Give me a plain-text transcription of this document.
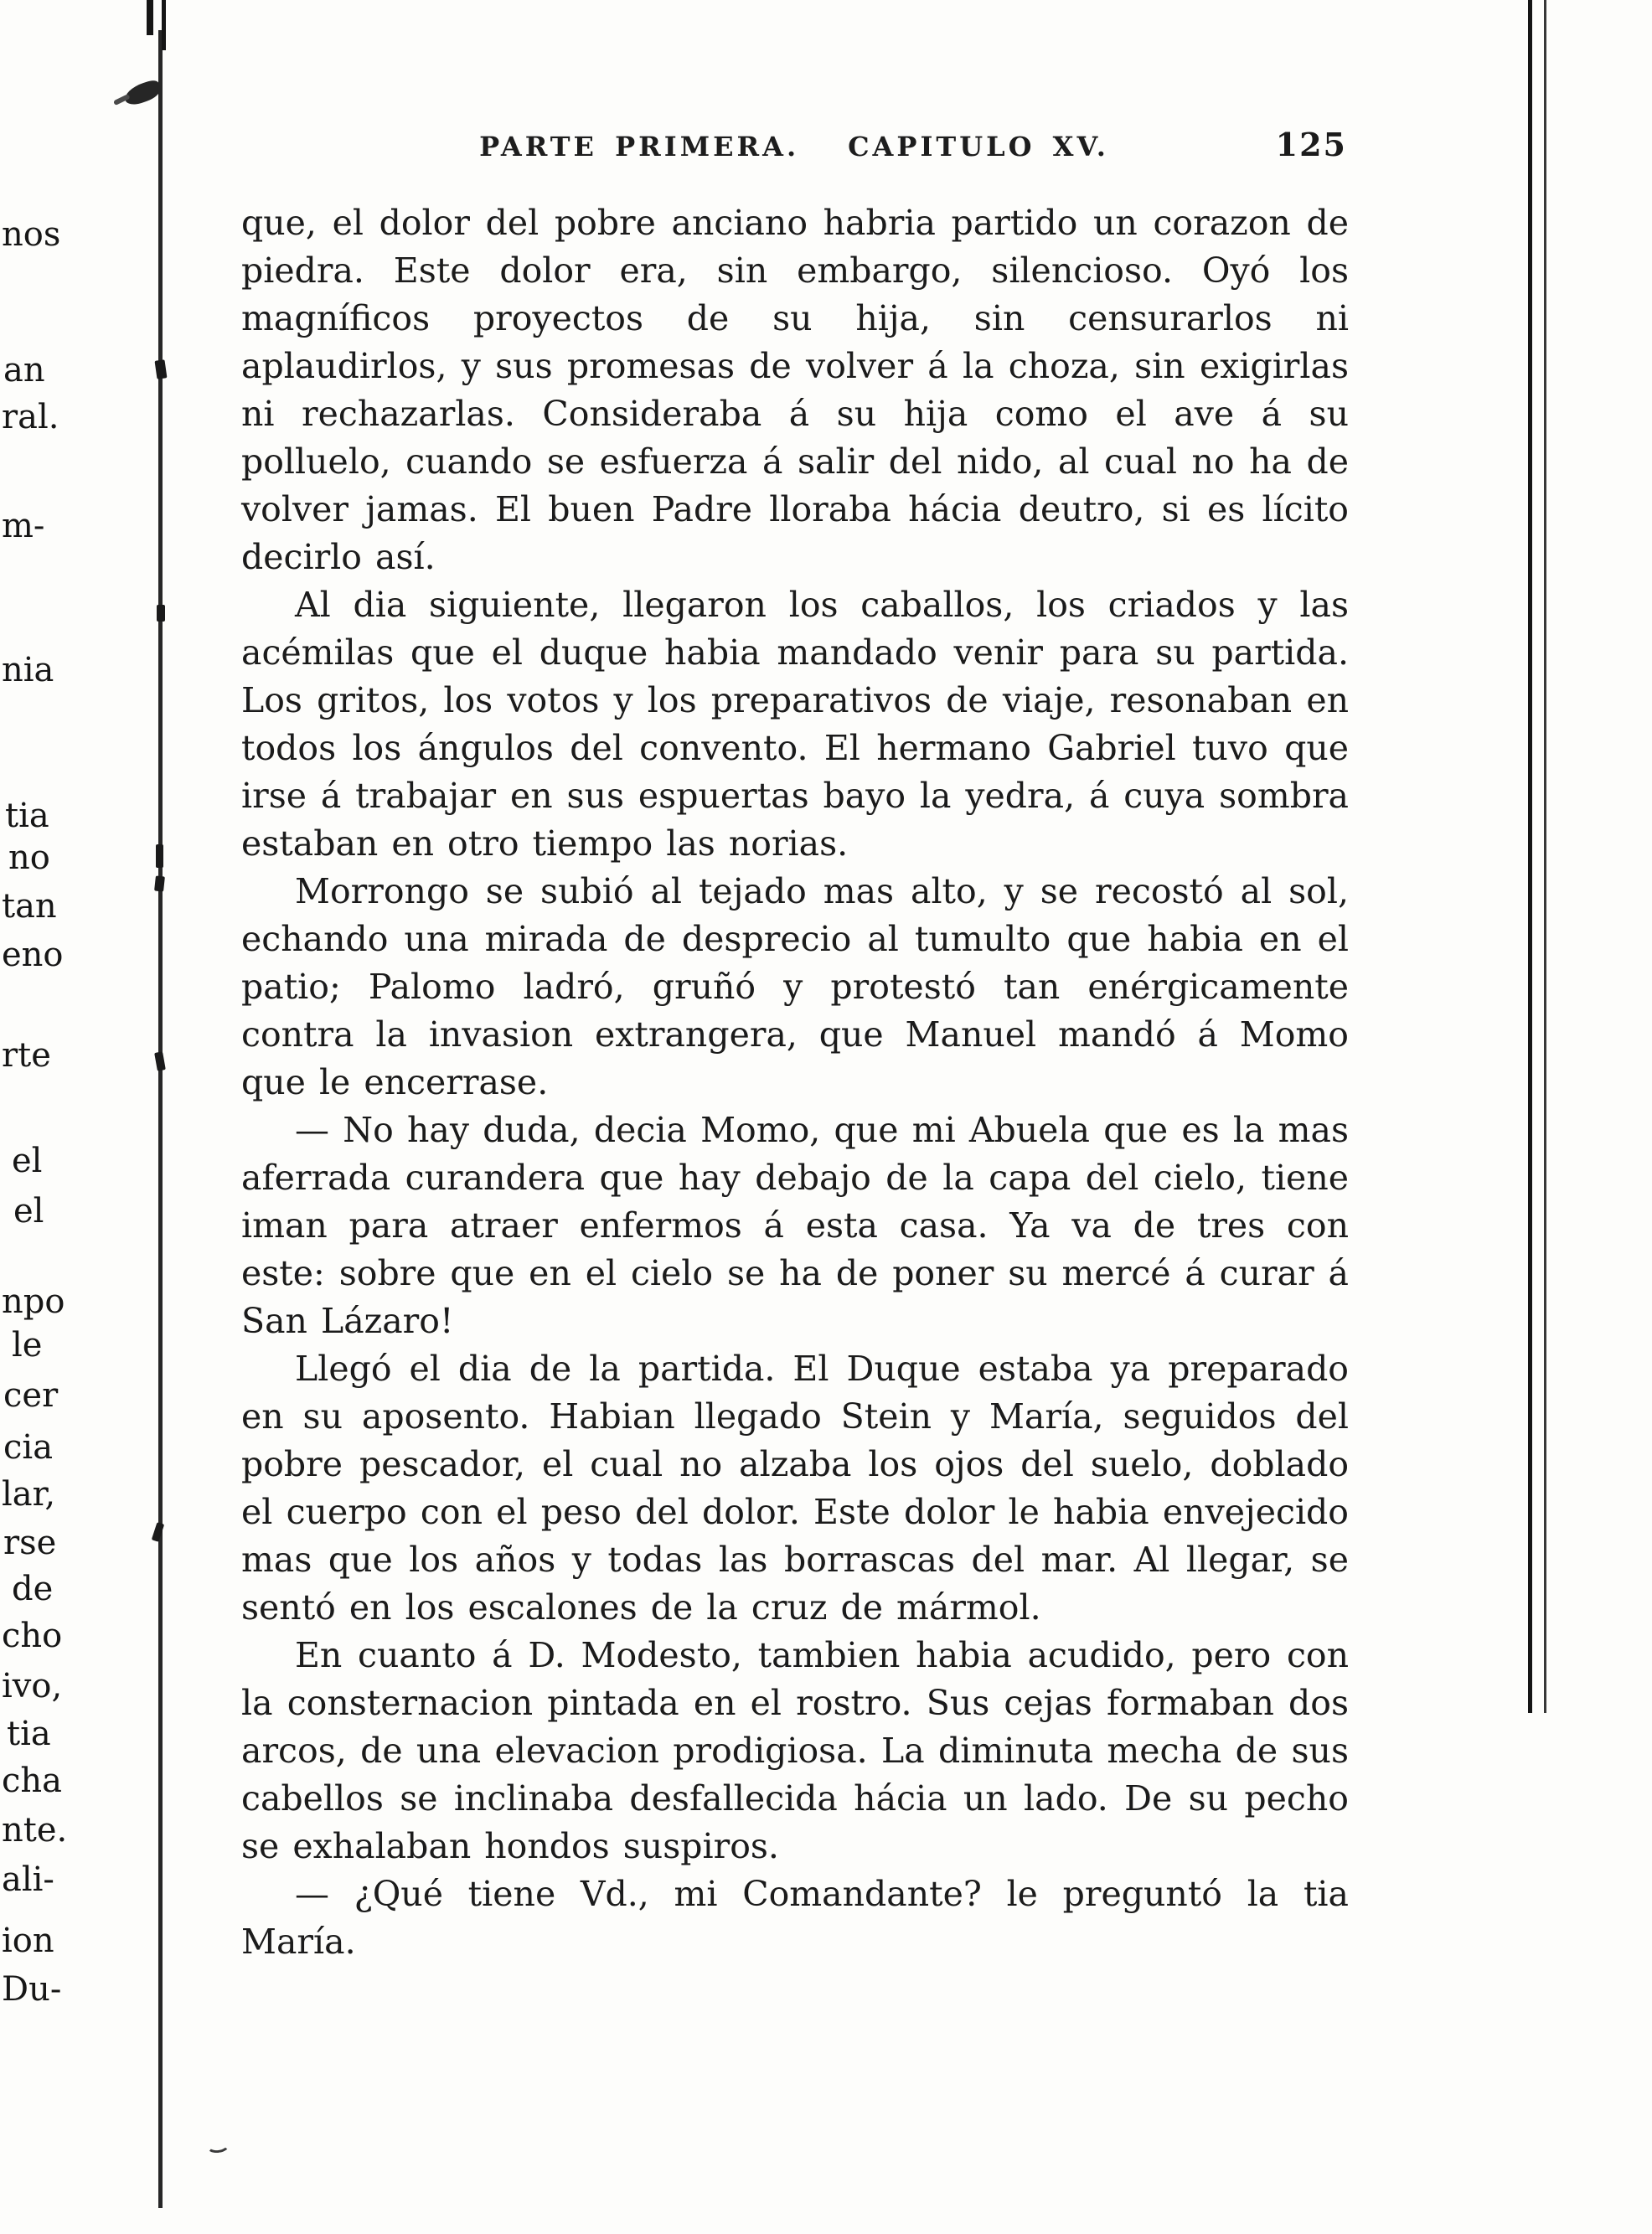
PARTE PRIMERA. CAPITULO XV.	125

que, el dolor del pobre anciano habria partido un corazon de piedra. Este dolor era, sin embargo, silencioso. Oyó los magníficos proyectos de su hija, sin censurarlos ni aplaudirlos, y sus promesas de volver á la choza, sin exigirlas ni rechazarlas. Consideraba á su hija como el ave á su polluelo, cuando se esfuerza á salir del nido, al cual no ha de volver jamas. El buen Padre lloraba hácia deutro, si es lícito decirlo así.

Al dia siguiente, llegaron los caballos, los criados y las acémilas que el duque habia mandado venir para su partida. Los gritos, los votos y los preparativos de viaje, resonaban en todos los ángulos del convento. El hermano Gabriel tuvo que irse á trabajar en sus espuertas bayo la yedra, á cuya sombra estaban en otro tiempo las norias.

Morrongo se subió al tejado mas alto, y se recostó al sol, echando una mirada de desprecio al tumulto que habia en el patio; Palomo ladró, gruñó y protestó tan enérgicamente contra la invasion extrangera, que Manuel mandó á Momo que le encerrase.

— No hay duda, decia Momo, que mi Abuela que es la mas aferrada curandera que hay debajo de la capa del cielo, tiene iman para atraer enfermos á esta casa. Ya va de tres con este: sobre que en el cielo se ha de poner su mercé á curar á San Lázaro!

Llegó el dia de la partida. El Duque estaba ya preparado en su aposento. Habian llegado Stein y María, seguidos del pobre pescador, el cual no alzaba los ojos del suelo, doblado el cuerpo con el peso del dolor. Este dolor le habia envejecido mas que los años y todas las borrascas del mar. Al llegar, se sentó en los escalones de la cruz de mármol.

En cuanto á D. Modesto, tambien habia acudido, pero con la consternacion pintada en el rostro. Sus cejas formaban dos arcos, de una elevacion prodigiosa. La diminuta mecha de sus cabellos se inclinaba desfallecida hácia un lado. De su pecho se exhalaban hondos suspiros.

— ¿Qué tiene Vd., mi Comandante? le preguntó la tia María.

nos
an
ral.
m-
nia
tia
no
tan
eno
rte
el
el
npo
le
cer
cia
lar,
rse
de
cho
ivo,
tia
cha
nte.
ali-
ion
Du-
